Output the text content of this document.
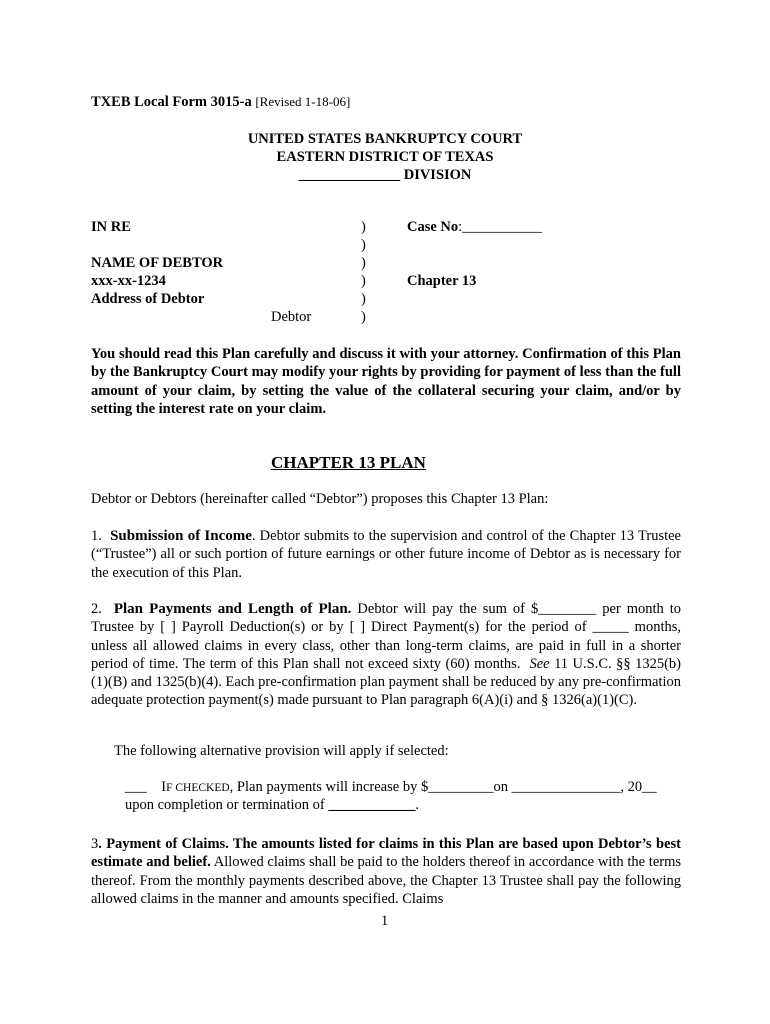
TXEB Local Form 3015-a [Revised 1-18-06]
UNITED STATES BANKRUPTCY COURT
EASTERN DISTRICT OF TEXAS
______________ DIVISION
IN RE
NAME OF DEBTOR
xxx-xx-1234
Address of Debtor
Debtor
)
)
)
)
)
)
Case No:___________
Chapter 13
You should read this Plan carefully and discuss it with your attorney. Confirmation of this Plan by the Bankruptcy Court may modify your rights by providing for payment of less than the full amount of your claim, by setting the value of the collateral securing your claim, and/or by setting the interest rate on your claim.
CHAPTER 13 PLAN
Debtor or Debtors (hereinafter called “Debtor”) proposes this Chapter 13 Plan:
1. Submission of Income. Debtor submits to the supervision and control of the Chapter 13 Trustee (“Trustee”) all or such portion of future earnings or other future income of Debtor as is necessary for the execution of this Plan.
2. Plan Payments and Length of Plan. Debtor will pay the sum of $________ per month to Trustee by [ ] Payroll Deduction(s) or by [ ] Direct Payment(s) for the period of _____ months, unless all allowed claims in every class, other than long-term claims, are paid in full in a shorter period of time. The term of this Plan shall not exceed sixty (60) months. See 11 U.S.C. §§ 1325(b)(1)(B) and 1325(b)(4). Each pre-confirmation plan payment shall be reduced by any pre-confirmation adequate protection payment(s) made pursuant to Plan paragraph 6(A)(i) and § 1326(a)(1)(C).
The following alternative provision will apply if selected:
___ IF CHECKED, Plan payments will increase by $_________on _______________, 20__
upon completion or termination of ____________.
3. Payment of Claims. The amounts listed for claims in this Plan are based upon Debtor’s best estimate and belief. Allowed claims shall be paid to the holders thereof in accordance with the terms thereof. From the monthly payments described above, the Chapter 13 Trustee shall pay the following allowed claims in the manner and amounts specified. Claims
1
